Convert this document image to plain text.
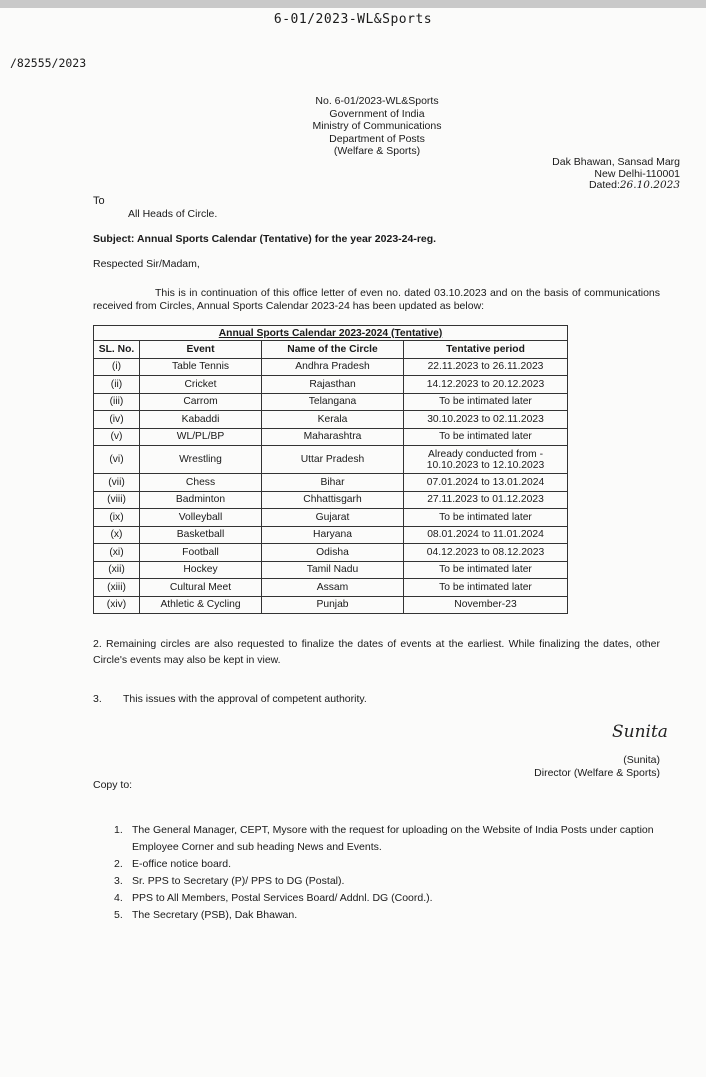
6-01/2023-WL&Sports
/82555/2023
No. 6-01/2023-WL&Sports
Government of India
Ministry of Communications
Department of Posts
(Welfare & Sports)
Dak Bhawan, Sansad Marg
New Delhi-110001
Dated:26.10.2023
To
All Heads of Circle.
Subject: Annual Sports Calendar (Tentative) for the year 2023-24-reg.
Respected Sir/Madam,
This is in continuation of this office letter of even no. dated 03.10.2023 and on the basis of communications received from Circles, Annual Sports Calendar 2023-24 has been updated as below:
Annual Sports Calendar 2023-2024 (Tentative)			
SL. No.	Event	Name of the Circle	Tentative period
(i)	Table Tennis	Andhra Pradesh	22.11.2023 to 26.11.2023
(ii)	Cricket	Rajasthan	14.12.2023 to 20.12.2023
(iii)	Carrom	Telangana	To be intimated later
(iv)	Kabaddi	Kerala	30.10.2023 to 02.11.2023
(v)	WL/PL/BP	Maharashtra	To be intimated later
(vi)	Wrestling	Uttar Pradesh	Already conducted from - 10.10.2023 to 12.10.2023
(vii)	Chess	Bihar	07.01.2024 to 13.01.2024
(viii)	Badminton	Chhattisgarh	27.11.2023 to 01.12.2023
(ix)	Volleyball	Gujarat	To be intimated later
(x)	Basketball	Haryana	08.01.2024 to 11.01.2024
(xi)	Football	Odisha	04.12.2023 to 08.12.2023
(xii)	Hockey	Tamil Nadu	To be intimated later
(xiii)	Cultural Meet	Assam	To be intimated later
(xiv)	Athletic & Cycling	Punjab	November-23
2. Remaining circles are also requested to finalize the dates of events at the earliest. While finalizing the dates, other Circle's events may also be kept in view.
3. This issues with the approval of competent authority.
Sunita
(Sunita)
Director (Welfare & Sports)
Copy to:
1. The General Manager, CEPT, Mysore with the request for uploading on the Website of India Posts under caption Employee Corner and sub heading News and Events.
2. E-office notice board.
3. Sr. PPS to Secretary (P)/ PPS to DG (Postal).
4. PPS to All Members, Postal Services Board/ Addnl. DG (Coord.).
5. The Secretary (PSB), Dak Bhawan.
